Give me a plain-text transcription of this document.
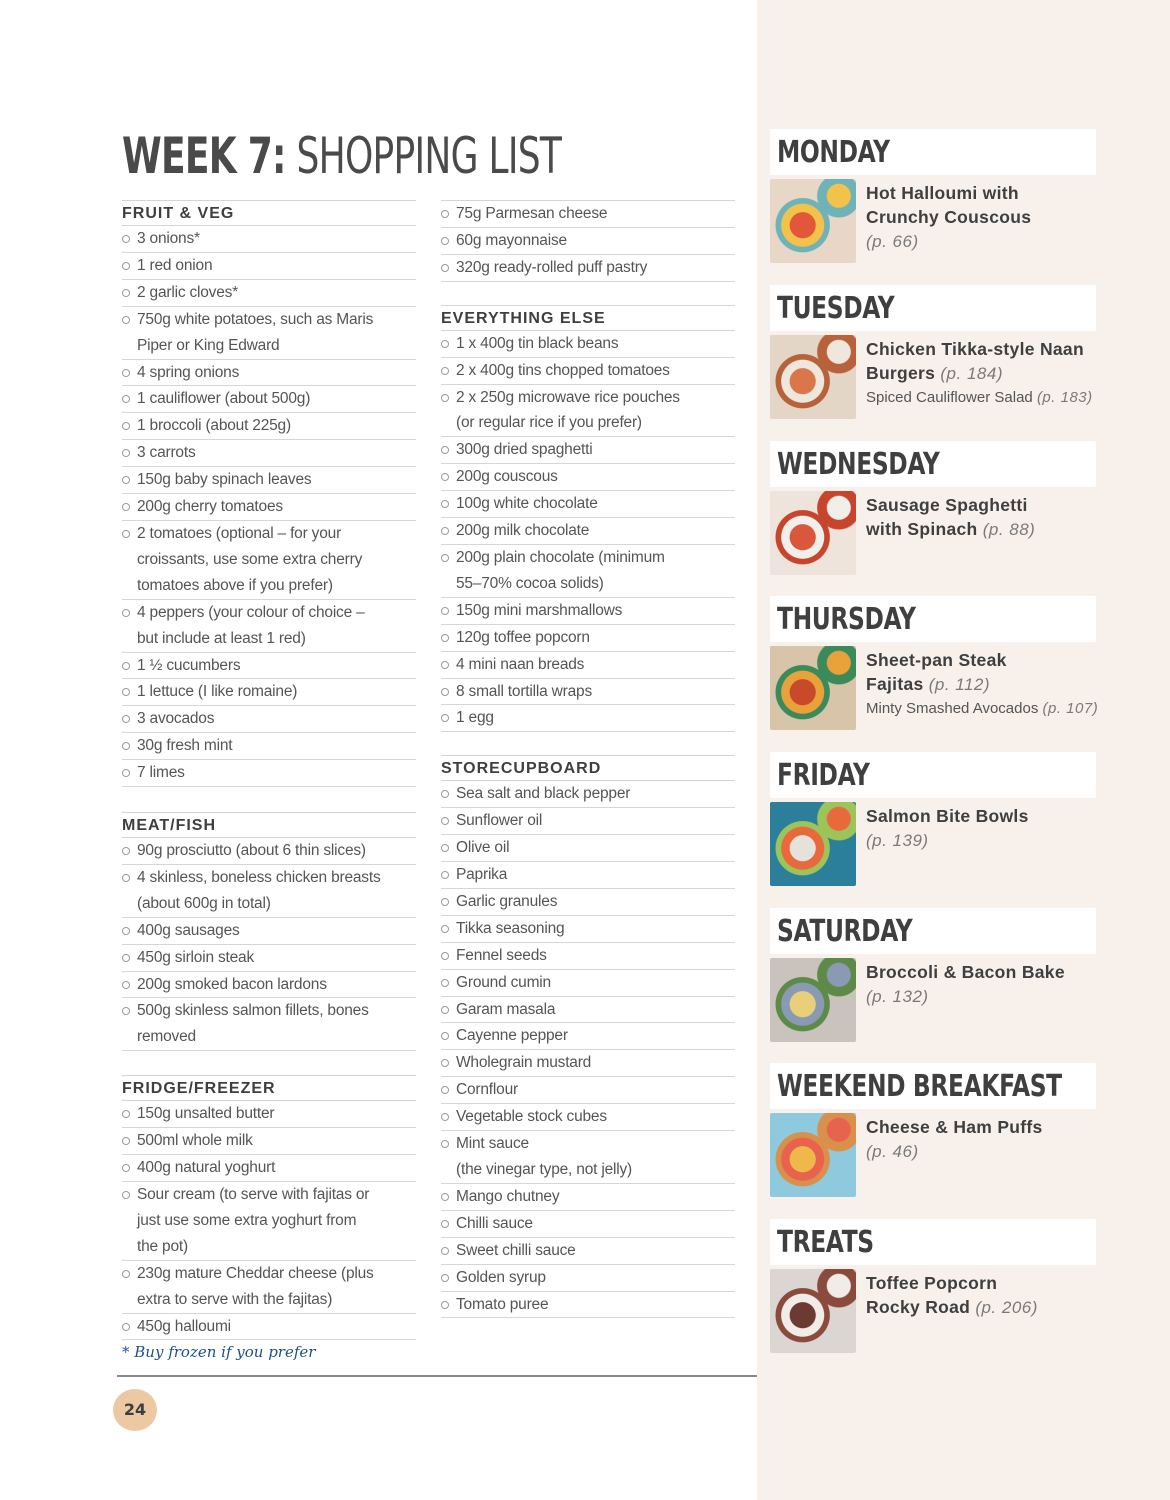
WEEK 7: SHOPPING LIST
FRUIT & VEG
3 onions*
1 red onion
2 garlic cloves*
750g white potatoes, such as Maris
Piper or King Edward
4 spring onions
1 cauliflower (about 500g)
1 broccoli (about 225g)
3 carrots
150g baby spinach leaves
200g cherry tomatoes
2 tomatoes (optional – for your
croissants, use some extra cherry
tomatoes above if you prefer)
4 peppers (your colour of choice –
but include at least 1 red)
1 ½ cucumbers
1 lettuce (I like romaine)
3 avocados
30g fresh mint
7 limes
MEAT/FISH
90g prosciutto (about 6 thin slices)
4 skinless, boneless chicken breasts
(about 600g in total)
400g sausages
450g sirloin steak
200g smoked bacon lardons
500g skinless salmon fillets, bones
removed
FRIDGE/FREEZER
150g unsalted butter
500ml whole milk
400g natural yoghurt
Sour cream (to serve with fajitas or
just use some extra yoghurt from
the pot)
230g mature Cheddar cheese (plus
extra to serve with the fajitas)
450g halloumi
75g Parmesan cheese
60g mayonnaise
320g ready-rolled puff pastry
EVERYTHING ELSE
1 x 400g tin black beans
2 x 400g tins chopped tomatoes
2 x 250g microwave rice pouches
(or regular rice if you prefer)
300g dried spaghetti
200g couscous
100g white chocolate
200g milk chocolate
200g plain chocolate (minimum
55–70% cocoa solids)
150g mini marshmallows
120g toffee popcorn
4 mini naan breads
8 small tortilla wraps
1 egg
STORECUPBOARD
Sea salt and black pepper
Sunflower oil
Olive oil
Paprika
Garlic granules
Tikka seasoning
Fennel seeds
Ground cumin
Garam masala
Cayenne pepper
Wholegrain mustard
Cornflour
Vegetable stock cubes
Mint sauce
(the vinegar type, not jelly)
Mango chutney
Chilli sauce
Sweet chilli sauce
Golden syrup
Tomato puree
* Buy frozen if you prefer
24
MONDAY
Hot Halloumi with
Crunchy Couscous
(p. 66)
TUESDAY
Chicken Tikka-style Naan
Burgers (p. 184)
Spiced Cauliflower Salad (p. 183)
WEDNESDAY
Sausage Spaghetti
with Spinach (p. 88)
THURSDAY
Sheet-pan Steak
Fajitas (p. 112)
Minty Smashed Avocados (p. 107)
FRIDAY
Salmon Bite Bowls
(p. 139)
SATURDAY
Broccoli & Bacon Bake
(p. 132)
WEEKEND BREAKFAST
Cheese & Ham Puffs
(p. 46)
TREATS
Toffee Popcorn
Rocky Road (p. 206)
